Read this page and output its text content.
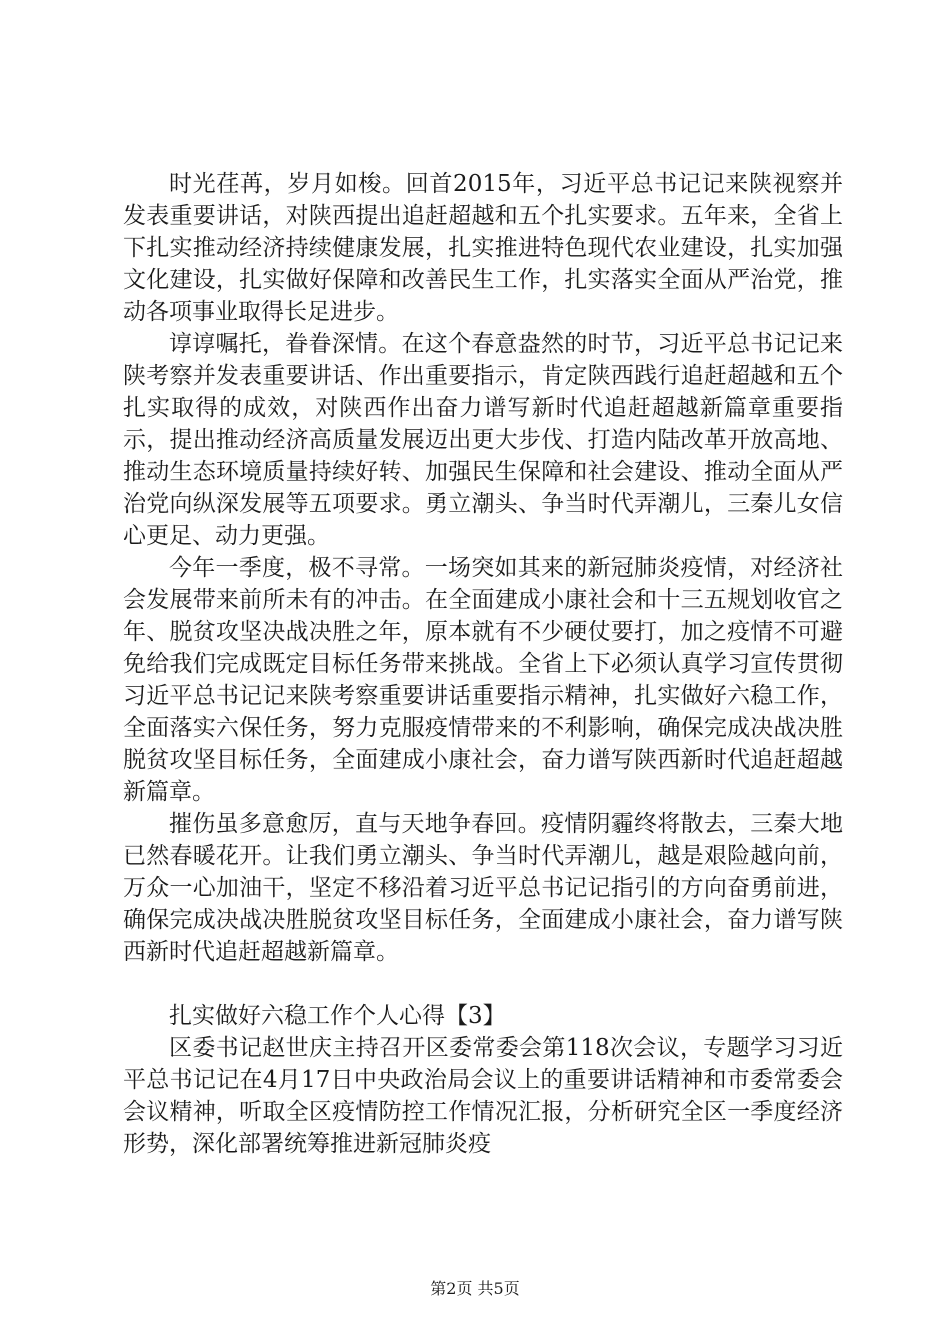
时光荏苒，岁月如梭。回首2015年，习近平总书记记来陕视察并发表重要讲话，对陕西提出追赶超越和五个扎实要求。五年来，全省上下扎实推动经济持续健康发展，扎实推进特色现代农业建设，扎实加强文化建设，扎实做好保障和改善民生工作，扎实落实全面从严治党，推动各项事业取得长足进步。

谆谆嘱托，眷眷深情。在这个春意盎然的时节，习近平总书记记来陕考察并发表重要讲话、作出重要指示，肯定陕西践行追赶超越和五个扎实取得的成效，对陕西作出奋力谱写新时代追赶超越新篇章重要指示，提出推动经济高质量发展迈出更大步伐、打造内陆改革开放高地、推动生态环境质量持续好转、加强民生保障和社会建设、推动全面从严治党向纵深发展等五项要求。勇立潮头、争当时代弄潮儿，三秦儿女信心更足、动力更强。

今年一季度，极不寻常。一场突如其来的新冠肺炎疫情，对经济社会发展带来前所未有的冲击。在全面建成小康社会和十三五规划收官之年、脱贫攻坚决战决胜之年，原本就有不少硬仗要打，加之疫情不可避免给我们完成既定目标任务带来挑战。全省上下必须认真学习宣传贯彻习近平总书记记来陕考察重要讲话重要指示精神，扎实做好六稳工作，全面落实六保任务，努力克服疫情带来的不利影响，确保完成决战决胜脱贫攻坚目标任务，全面建成小康社会，奋力谱写陕西新时代追赶超越新篇章。

摧伤虽多意愈厉，直与天地争春回。疫情阴霾终将散去，三秦大地已然春暖花开。让我们勇立潮头、争当时代弄潮儿，越是艰险越向前，万众一心加油干，坚定不移沿着习近平总书记记指引的方向奋勇前进，确保完成决战决胜脱贫攻坚目标任务，全面建成小康社会，奋力谱写陕西新时代追赶超越新篇章。

扎实做好六稳工作个人心得【3】

区委书记赵世庆主持召开区委常委会第118次会议，专题学习习近平总书记记在4月17日中央政治局会议上的重要讲话精神和市委常委会会议精神，听取全区疫情防控工作情况汇报，分析研究全区一季度经济形势，深化部署统筹推进新冠肺炎疫

第2页 共5页
